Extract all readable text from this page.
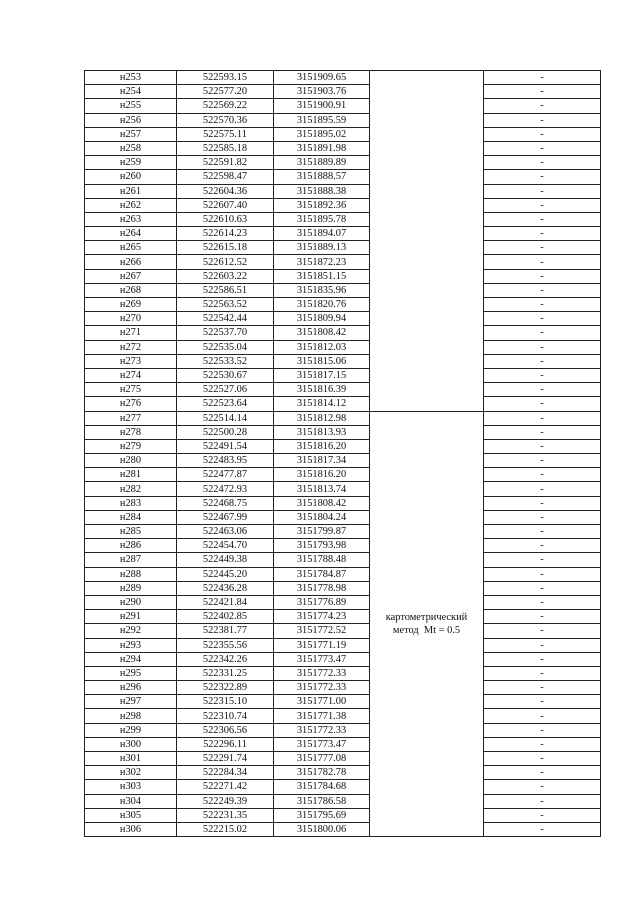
н253	522593.15	3151909.65		-
н254	522577.20	3151903.76		-
н255	522569.22	3151900.91		-
н256	522570.36	3151895.59		-
н257	522575.11	3151895.02		-
н258	522585.18	3151891.98		-
н259	522591.82	3151889.89		-
н260	522598.47	3151888.57		-
н261	522604.36	3151888.38		-
н262	522607.40	3151892.36		-
н263	522610.63	3151895.78		-
н264	522614.23	3151894.07		-
н265	522615.18	3151889.13		-
н266	522612.52	3151872.23		-
н267	522603.22	3151851.15		-
н268	522586.51	3151835.96		-
н269	522563.52	3151820.76		-
н270	522542.44	3151809.94		-
н271	522537.70	3151808.42		-
н272	522535.04	3151812.03		-
н273	522533.52	3151815.06		-
н274	522530.67	3151817.15		-
н275	522527.06	3151816.39		-
н276	522523.64	3151814.12		-
н277	522514.14	3151812.98	картометрический
метод  Mt = 0.5	-
н278	522500.28	3151813.93		-
н279	522491.54	3151816.20		-
н280	522483.95	3151817.34		-
н281	522477.87	3151816.20		-
н282	522472.93	3151813.74		-
н283	522468.75	3151808.42		-
н284	522467.99	3151804.24		-
н285	522463.06	3151799.87		-
н286	522454.70	3151793.98		-
н287	522449.38	3151788.48		-
н288	522445.20	3151784.87		-
н289	522436.28	3151778.98		-
н290	522421.84	3151776.89		-
н291	522402.85	3151774.23		-
н292	522381.77	3151772.52		-
н293	522355.56	3151771.19		-
н294	522342.26	3151773.47		-
н295	522331.25	3151772.33		-
н296	522322.89	3151772.33		-
н297	522315.10	3151771.00		-
н298	522310.74	3151771.38		-
н299	522306.56	3151772.33		-
н300	522296.11	3151773.47		-
н301	522291.74	3151777.08		-
н302	522284.34	3151782.78		-
н303	522271.42	3151784.68		-
н304	522249.39	3151786.58		-
н305	522231.35	3151795.69		-
н306	522215.02	3151800.06		-
